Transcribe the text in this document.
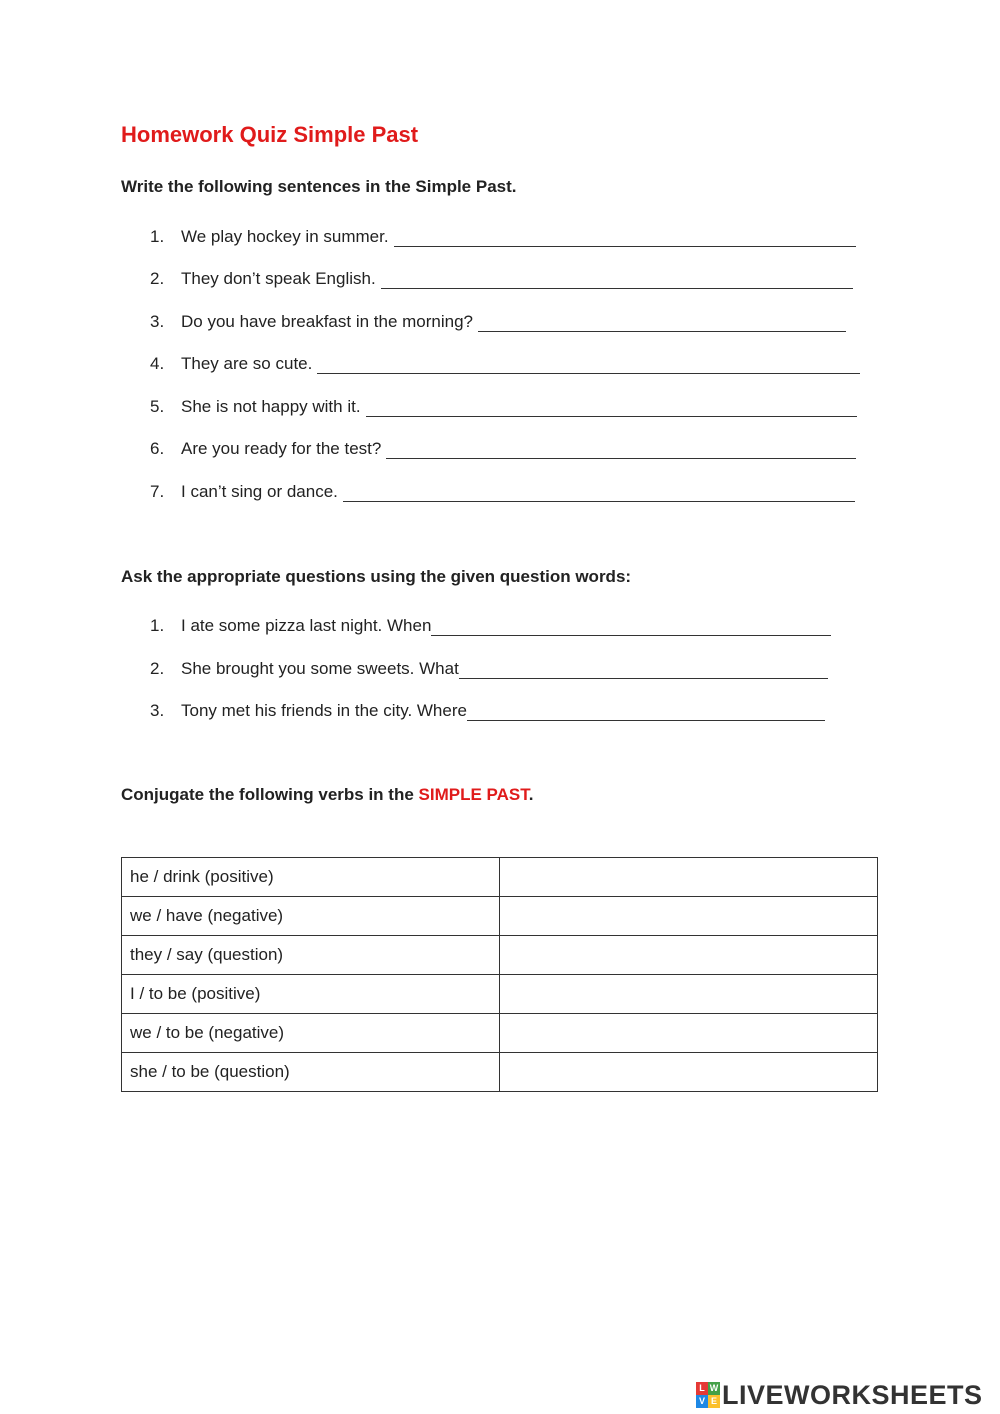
Homework Quiz Simple Past

Write the following sentences in the Simple Past.

1. We play hockey in summer.
2. They don’t speak English.
3. Do you have breakfast in the morning?
4. They are so cute.
5. She is not happy with it.
6. Are you ready for the test?
7. I can’t sing or dance.

Ask the appropriate questions using the given question words:

1. I ate some pizza last night. When
2. She brought you some sweets. What
3. Tony met his friends in the city. Where

Conjugate the following verbs in the SIMPLE PAST.

he / drink (positive)	
we / have (negative)	
they / say (question)	
I / to be (positive)	
we / to be (negative)	
she / to be (question)	
L W
V E LIVEWORKSHEETS
